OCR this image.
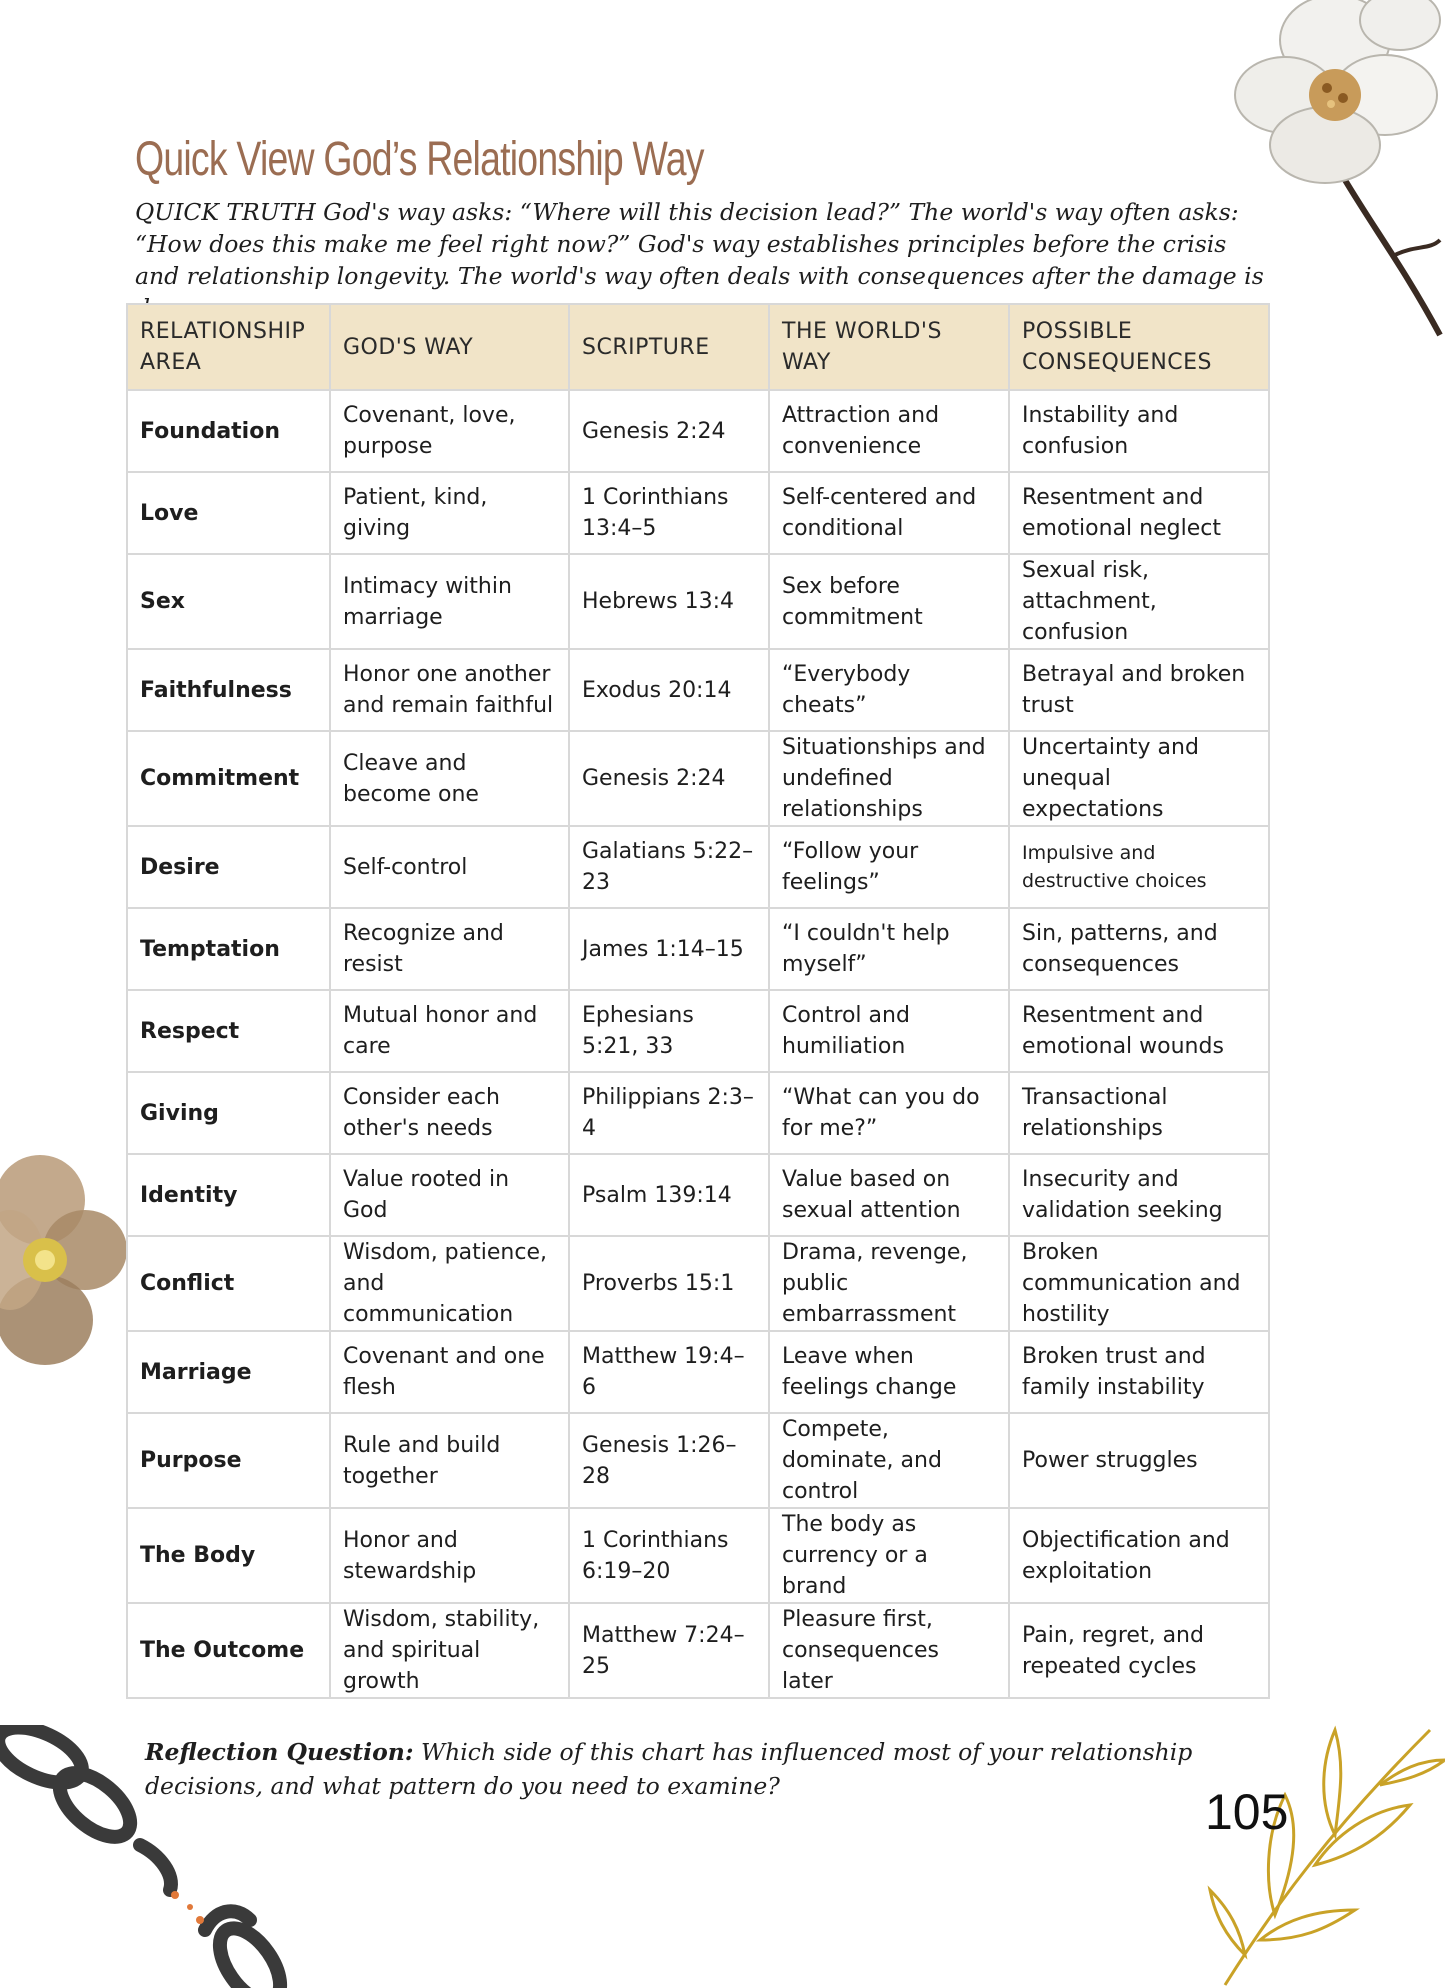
Quick View God’s Relationship Way
QUICK TRUTH God's way asks: “Where will this decision lead?” The world's way often asks: “How does this make me feel right now?” God's way establishes principles before the crisis and relationship longevity. The world's way often deals with consequences after the damage is
RELATIONSHIP AREA	GOD'S WAY	SCRIPTURE	THE WORLD'S WAY	POSSIBLE CONSEQUENCES
Foundation	Covenant, love, purpose	Genesis 2:24	Attraction and convenience	Instability and confusion
Love	Patient, kind, giving	1 Corinthians 13:4–5	Self-centered and conditional	Resentment and emotional neglect
Sex	Intimacy within marriage	Hebrews 13:4	Sex before commitment	Sexual risk, attachment, confusion
Faithfulness	Honor one another and remain faithful	Exodus 20:14	“Everybody cheats”	Betrayal and broken trust
Commitment	Cleave and become one	Genesis 2:24	Situationships and undefined relationships	Uncertainty and unequal expectations
Desire	Self-control	Galatians 5:22–23	“Follow your feelings”	Impulsive and destructive choices
Temptation	Recognize and resist	James 1:14–15	“I couldn't help myself”	Sin, patterns, and consequences
Respect	Mutual honor and care	Ephesians 5:21, 33	Control and humiliation	Resentment and emotional wounds
Giving	Consider each other's needs	Philippians 2:3–4	“What can you do for me?”	Transactional relationships
Identity	Value rooted in God	Psalm 139:14	Value based on sexual attention	Insecurity and validation seeking
Conflict	Wisdom, patience, and communication	Proverbs 15:1	Drama, revenge, public embarrassment	Broken communication and hostility
Marriage	Covenant and one flesh	Matthew 19:4–6	Leave when feelings change	Broken trust and family instability
Purpose	Rule and build together	Genesis 1:26–28	Compete, dominate, and control	Power struggles
The Body	Honor and stewardship	1 Corinthians 6:19–20	The body as currency or a brand	Objectification and exploitation
The Outcome	Wisdom, stability, and spiritual growth	Matthew 7:24–25	Pleasure first, consequences later	Pain, regret, and repeated cycles
Reflection Question: Which side of this chart has influenced most of your relationship decisions, and what pattern do you need to examine?	105
